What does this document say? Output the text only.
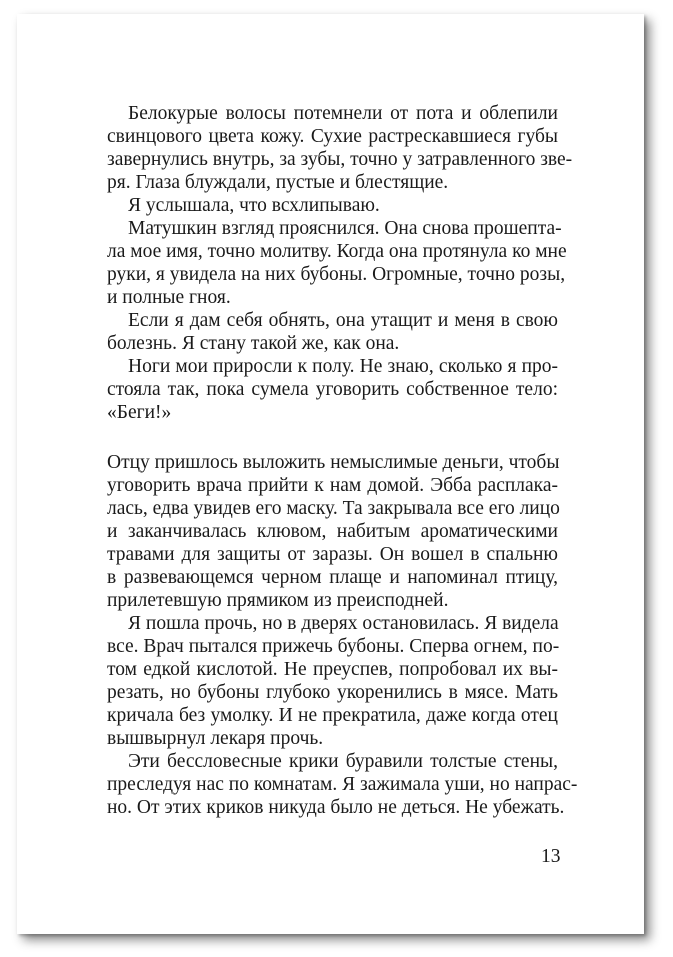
Белокурые волосы потемнели от пота и облепили
свинцового цвета кожу. Сухие растрескавшиеся губы
завернулись внутрь, за зубы, точно у затравленного зве-
ря. Глаза блуждали, пустые и блестящие.
Я услышала, что всхлипываю.
Матушкин взгляд прояснился. Она снова прошепта-
ла мое имя, точно молитву. Когда она протянула ко мне
руки, я увидела на них бубоны. Огромные, точно розы,
и полные гноя.
Если я дам себя обнять, она утащит и меня в свою
болезнь. Я стану такой же, как она.
Ноги мои приросли к полу. Не знаю, сколько я про-
стояла так, пока сумела уговорить собственное тело:
«Беги!»
Отцу пришлось выложить немыслимые деньги, чтобы
уговорить врача прийти к нам домой. Эбба расплака-
лась, едва увидев его маску. Та закрывала все его лицо
и заканчивалась клювом, набитым ароматическими
травами для защиты от заразы. Он вошел в спальню
в развевающемся черном плаще и напоминал птицу,
прилетевшую прямиком из преисподней.
Я пошла прочь, но в дверях остановилась. Я видела
все. Врач пытался прижечь бубоны. Сперва огнем, по-
том едкой кислотой. Не преуспев, попробовал их вы-
резать, но бубоны глубоко укоренились в мясе. Мать
кричала без умолку. И не прекратила, даже когда отец
вышвырнул лекаря прочь.
Эти бессловесные крики буравили толстые стены,
преследуя нас по комнатам. Я зажимала уши, но напрас-
но. От этих криков никуда было не деться. Не убежать.
13
